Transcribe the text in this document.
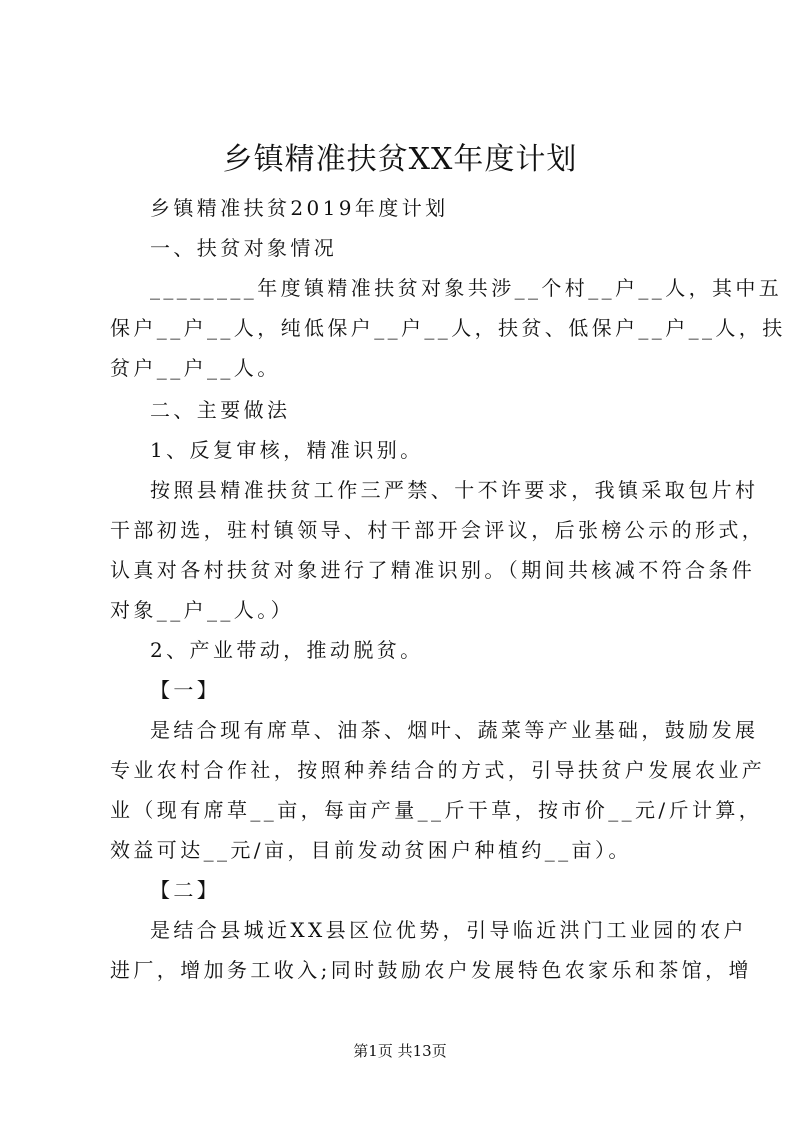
乡镇精准扶贫XX年度计划
乡镇精准扶贫2019年度计划
一、扶贫对象情况
________年度镇精准扶贫对象共涉__个村__户__人，其中五
保户__户__人，纯低保户__户__人，扶贫、低保户__户__人，扶
贫户__户__人。
二、主要做法
1、反复审核，精准识别。
按照县精准扶贫工作三严禁、十不许要求，我镇采取包片村
干部初选，驻村镇领导、村干部开会评议，后张榜公示的形式，
认真对各村扶贫对象进行了精准识别。（期间共核减不符合条件
对象__户__人。）
2、产业带动，推动脱贫。
【一】
是结合现有席草、油茶、烟叶、蔬菜等产业基础，鼓励发展
专业农村合作社，按照种养结合的方式，引导扶贫户发展农业产
业（现有席草__亩，每亩产量__斤干草，按市价__元/斤计算，
效益可达__元/亩，目前发动贫困户种植约__亩）。
【二】
是结合县城近XX县区位优势，引导临近洪门工业园的农户
进厂，增加务工收入;同时鼓励农户发展特色农家乐和茶馆，增
第1页 共13页
